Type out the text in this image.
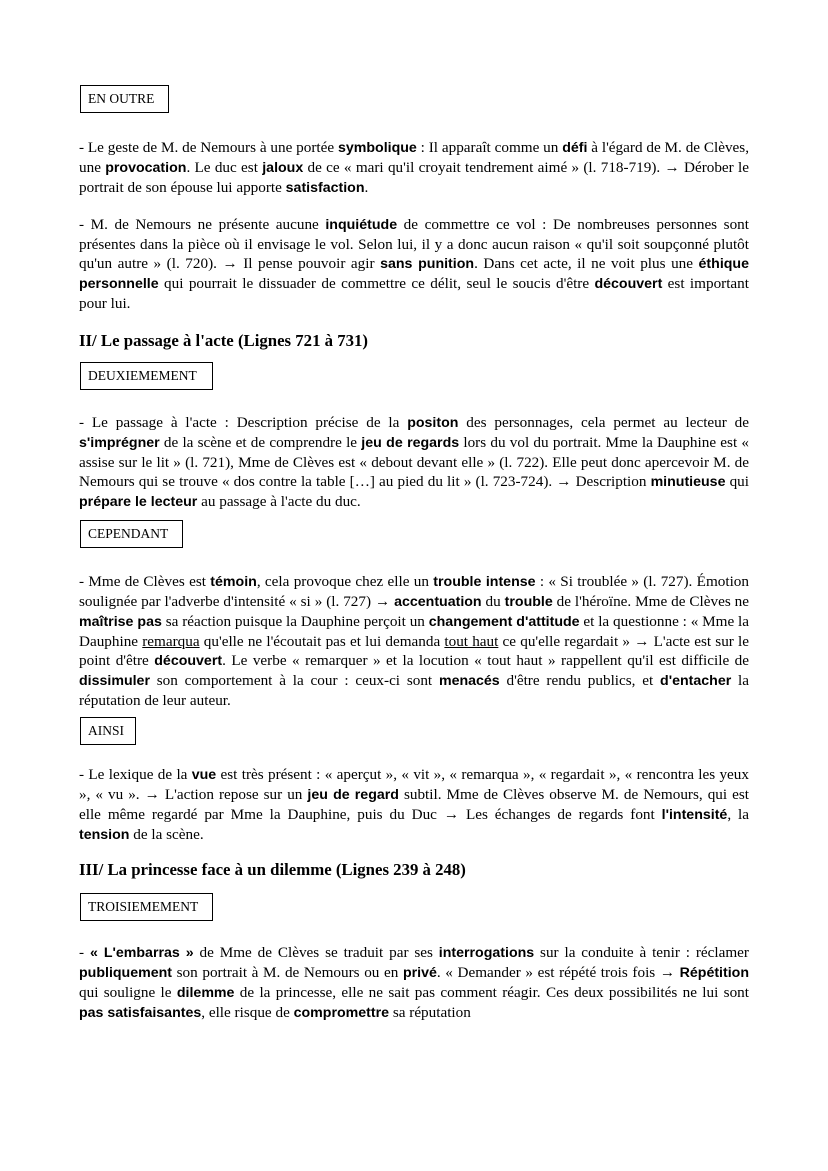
EN OUTRE
- Le geste de M. de Nemours à une portée symbolique : Il apparaît comme un défi à l'égard de M. de Clèves, une provocation. Le duc est jaloux de ce « mari qu'il croyait tendrement aimé » (l. 718-719). → Dérober le portrait de son épouse lui apporte satisfaction.
- M. de Nemours ne présente aucune inquiétude de commettre ce vol : De nombreuses personnes sont présentes dans la pièce où il envisage le vol. Selon lui, il y a donc aucun raison « qu'il soit soupçonné plutôt qu'un autre » (l. 720). → Il pense pouvoir agir sans punition. Dans cet acte, il ne voit plus une éthique personnelle qui pourrait le dissuader de commettre ce délit, seul le soucis d'être découvert est important pour lui.
II/ Le passage à l'acte (Lignes 721 à 731)
DEUXIEMEMENT
- Le passage à l'acte : Description précise de la positon des personnages, cela permet au lecteur de s'imprégner de la scène et de comprendre le jeu de regards lors du vol du portrait. Mme la Dauphine est « assise sur le lit » (l. 721), Mme de Clèves est « debout devant elle » (l. 722). Elle peut donc apercevoir M. de Nemours qui se trouve « dos contre la table […] au pied du lit » (l. 723-724). → Description minutieuse qui prépare le lecteur au passage à l'acte du duc.
CEPENDANT
- Mme de Clèves est témoin, cela provoque chez elle un trouble intense : « Si troublée » (l. 727). Émotion soulignée par l'adverbe d'intensité « si » (l. 727) → accentuation du trouble de l'héroïne. Mme de Clèves ne maîtrise pas sa réaction puisque la Dauphine perçoit un changement d'attitude et la questionne : « Mme la Dauphine remarqua qu'elle ne l'écoutait pas et lui demanda tout haut ce qu'elle regardait » → L'acte est sur le point d'être découvert. Le verbe « remarquer » et la locution « tout haut » rappellent qu'il est difficile de dissimuler son comportement à la cour : ceux-ci sont menacés d'être rendu publics, et d'entacher la réputation de leur auteur.
AINSI
- Le lexique de la vue est très présent : « aperçut », « vit », « remarqua », « regardait », « rencontra les yeux », « vu ». → L'action repose sur un jeu de regard subtil. Mme de Clèves observe M. de Nemours, qui est elle même regardé par Mme la Dauphine, puis du Duc → Les échanges de regards font l'intensité, la tension de la scène.
III/ La princesse face à un dilemme (Lignes 239 à 248)
TROISIEMEMENT
- « L'embarras » de Mme de Clèves se traduit par ses interrogations sur la conduite à tenir : réclamer publiquement son portrait à M. de Nemours ou en privé. « Demander » est répété trois fois → Répétition qui souligne le dilemme de la princesse, elle ne sait pas comment réagir. Ces deux possibilités ne lui sont pas satisfaisantes, elle risque de compromettre sa réputation
